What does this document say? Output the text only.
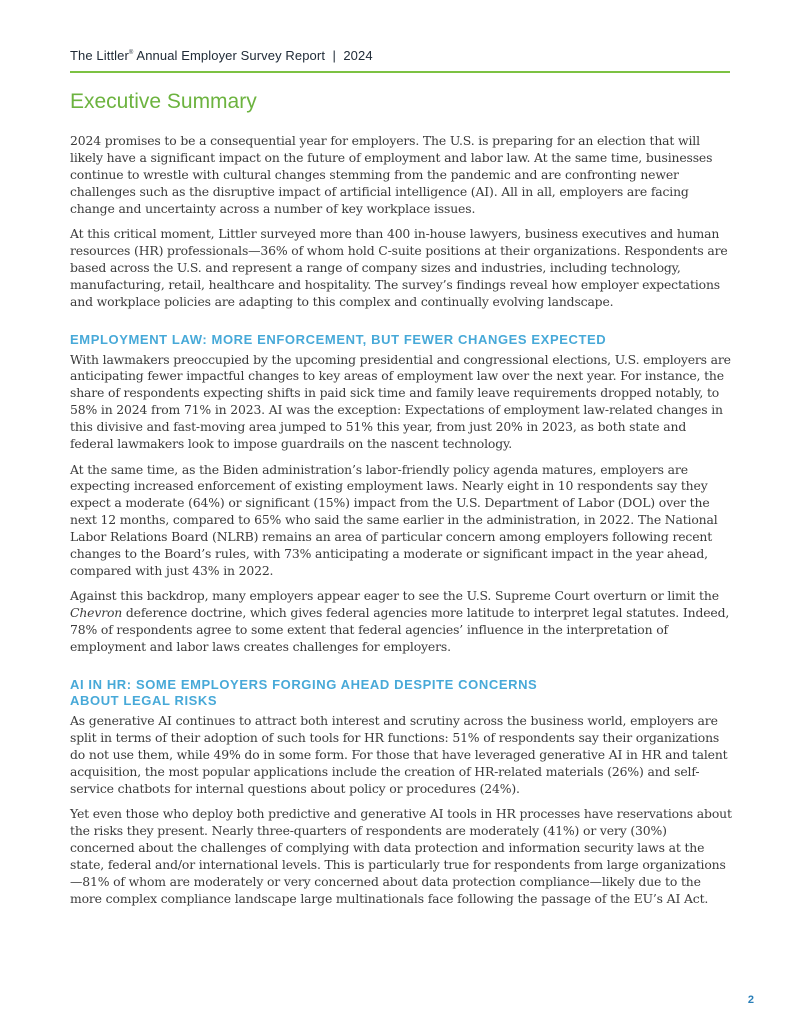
The Littler® Annual Employer Survey Report  |  2024
Executive Summary

2024 promises to be a consequential year for employers. The U.S. is preparing for an election that will likely have a significant impact on the future of employment and labor law. At the same time, businesses continue to wrestle with cultural changes stemming from the pandemic and are confronting newer challenges such as the disruptive impact of artificial intelligence (AI). All in all, employers are facing change and uncertainty across a number of key workplace issues.

At this critical moment, Littler surveyed more than 400 in-house lawyers, business executives and human resources (HR) professionals—36% of whom hold C-suite positions at their organizations. Respondents are based across the U.S. and represent a range of company sizes and industries, including technology, manufacturing, retail, healthcare and hospitality. The survey’s findings reveal how employer expectations and workplace policies are adapting to this complex and continually evolving landscape.

EMPLOYMENT LAW: MORE ENFORCEMENT, BUT FEWER CHANGES EXPECTED

With lawmakers preoccupied by the upcoming presidential and congressional elections, U.S. employers are anticipating fewer impactful changes to key areas of employment law over the next year. For instance, the share of respondents expecting shifts in paid sick time and family leave requirements dropped notably, to 58% in 2024 from 71% in 2023. AI was the exception: Expectations of employment law-related changes in this divisive and fast-moving area jumped to 51% this year, from just 20% in 2023, as both state and federal lawmakers look to impose guardrails on the nascent technology.

At the same time, as the Biden administration’s labor-friendly policy agenda matures, employers are expecting increased enforcement of existing employment laws. Nearly eight in 10 respondents say they expect a moderate (64%) or significant (15%) impact from the U.S. Department of Labor (DOL) over the next 12 months, compared to 65% who said the same earlier in the administration, in 2022. The National Labor Relations Board (NLRB) remains an area of particular concern among employers following recent changes to the Board’s rules, with 73% anticipating a moderate or significant impact in the year ahead, compared with just 43% in 2022.

Against this backdrop, many employers appear eager to see the U.S. Supreme Court overturn or limit the Chevron deference doctrine, which gives federal agencies more latitude to interpret legal statutes. Indeed, 78% of respondents agree to some extent that federal agencies’ influence in the interpretation of employment and labor laws creates challenges for employers.

AI IN HR: SOME EMPLOYERS FORGING AHEAD DESPITE CONCERNS
ABOUT LEGAL RISKS

As generative AI continues to attract both interest and scrutiny across the business world, employers are split in terms of their adoption of such tools for HR functions: 51% of respondents say their organizations do not use them, while 49% do in some form. For those that have leveraged generative AI in HR and talent acquisition, the most popular applications include the creation of HR-related materials (26%) and self-service chatbots for internal questions about policy or procedures (24%).

Yet even those who deploy both predictive and generative AI tools in HR processes have reservations about the risks they present. Nearly three-quarters of respondents are moderately (41%) or very (30%) concerned about the challenges of complying with data protection and information security laws at the state, federal and/or international levels. This is particularly true for respondents from large organizations—81% of whom are moderately or very concerned about data protection compliance—likely due to the more complex compliance landscape large multinationals face following the passage of the EU’s AI Act.

2
